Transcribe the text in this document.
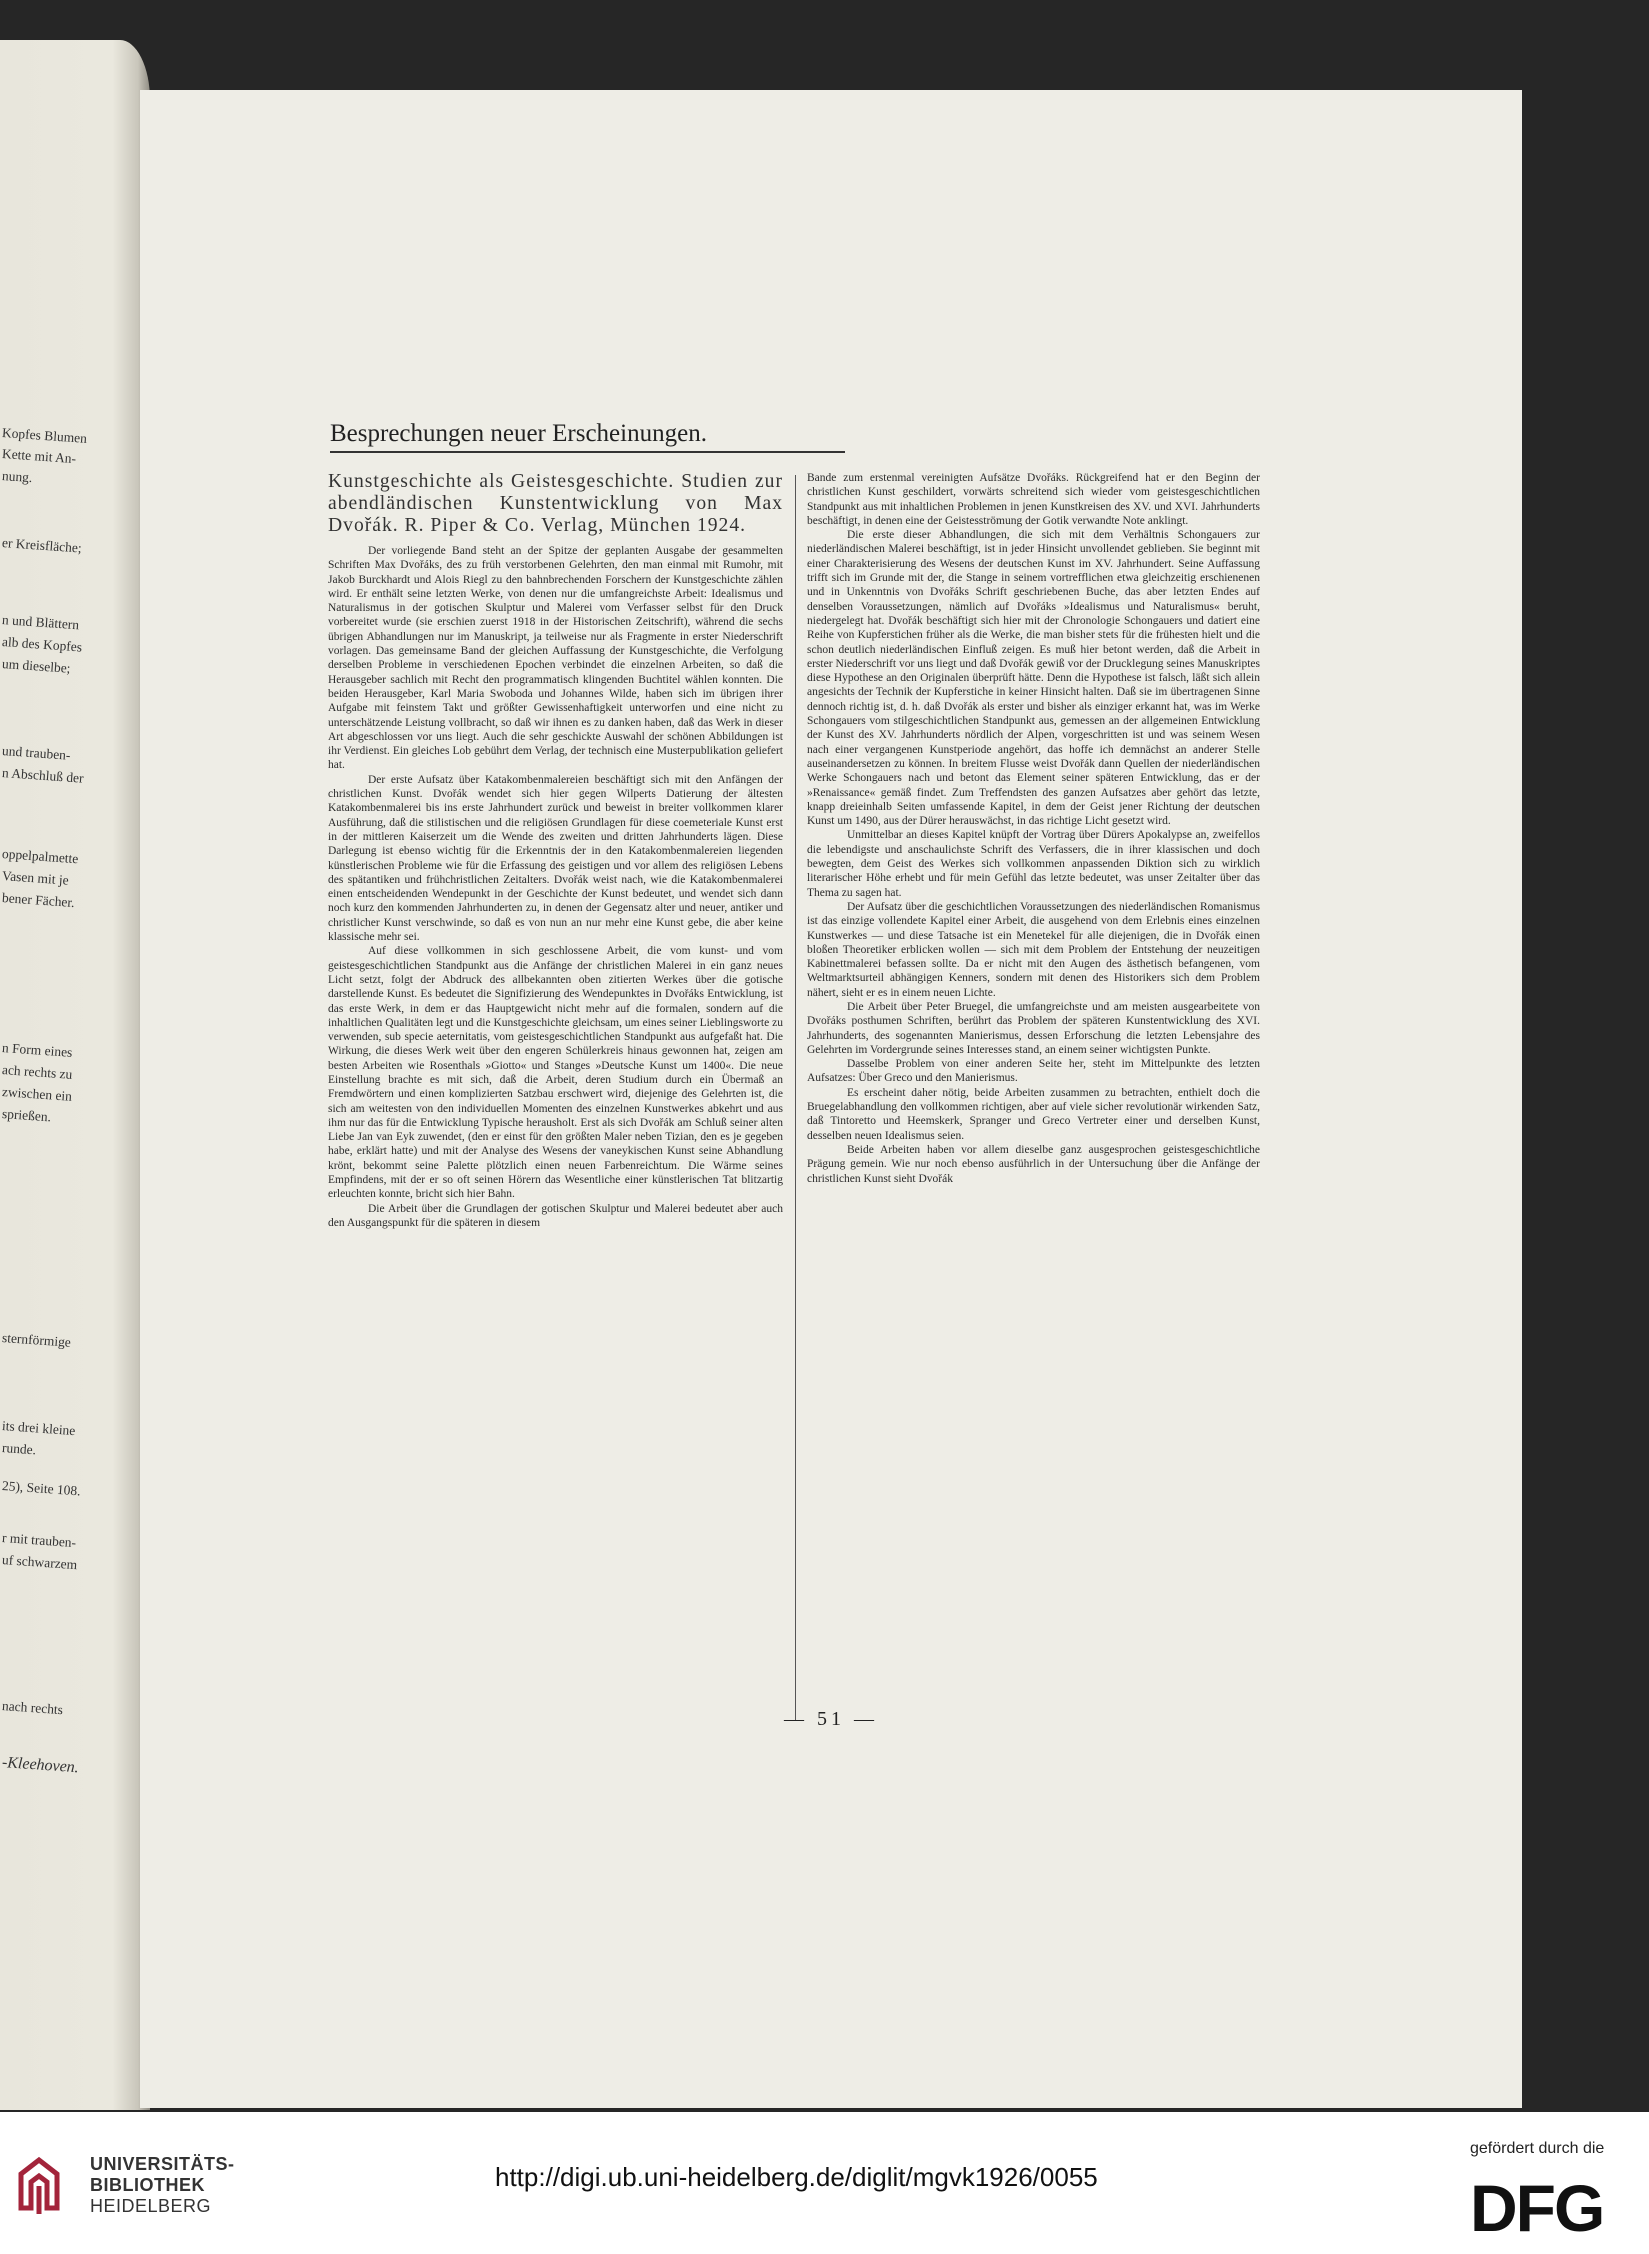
Kopfes Blumen
Kette mit An-
nung.
er Kreisfläche;
n und Blättern
alb des Kopfes
um dieselbe;
und trauben-
n Abschluß der
oppelpalmette
Vasen mit je
bener Fächer.
n Form eines
ach rechts zu
zwischen ein
sprießen.
sternförmige
its drei kleine
runde.
25), Seite 108.
r mit trauben-
uf schwarzem
nach rechts
-Kleehoven.
Besprechungen neuer Erscheinungen.

Kunstgeschichte als Geistesgeschichte. Studien zur abendländischen Kunstentwicklung von Max Dvořák. R. Piper & Co. Verlag, München 1924.

Der vorliegende Band steht an der Spitze der geplanten Ausgabe der gesammelten Schriften Max Dvořáks, des zu früh verstorbenen Gelehrten, den man einmal mit Rumohr, mit Jakob Burckhardt und Alois Riegl zu den bahnbrechenden Forschern der Kunstgeschichte zählen wird. Er enthält seine letzten Werke, von denen nur die umfangreichste Arbeit: Idealismus und Naturalismus in der gotischen Skulptur und Malerei vom Verfasser selbst für den Druck vorbereitet wurde (sie erschien zuerst 1918 in der Historischen Zeitschrift), während die sechs übrigen Abhandlungen nur im Manuskript, ja teilweise nur als Fragmente in erster Niederschrift vorlagen. Das gemeinsame Band der gleichen Auffassung der Kunstgeschichte, die Verfolgung derselben Probleme in verschiedenen Epochen verbindet die einzelnen Arbeiten, so daß die Herausgeber sachlich mit Recht den programmatisch klingenden Buchtitel wählen konnten. Die beiden Herausgeber, Karl Maria Swoboda und Johannes Wilde, haben sich im übrigen ihrer Aufgabe mit feinstem Takt und größter Gewissenhaftigkeit unterworfen und eine nicht zu unterschätzende Leistung vollbracht, so daß wir ihnen es zu danken haben, daß das Werk in dieser Art abgeschlossen vor uns liegt. Auch die sehr geschickte Auswahl der schönen Abbildungen ist ihr Verdienst. Ein gleiches Lob gebührt dem Verlag, der technisch eine Musterpublikation geliefert hat.

Der erste Aufsatz über Katakombenmalereien beschäftigt sich mit den Anfängen der christlichen Kunst. Dvořák wendet sich hier gegen Wilperts Datierung der ältesten Katakombenmalerei bis ins erste Jahrhundert zurück und beweist in breiter vollkommen klarer Ausführung, daß die stilistischen und die religiösen Grundlagen für diese coemeteriale Kunst erst in der mittleren Kaiserzeit um die Wende des zweiten und dritten Jahrhunderts lägen. Diese Darlegung ist ebenso wichtig für die Erkenntnis der in den Katakombenmalereien liegenden künstlerischen Probleme wie für die Erfassung des geistigen und vor allem des religiösen Lebens des spätantiken und frühchristlichen Zeitalters. Dvořák weist nach, wie die Katakombenmalerei einen entscheidenden Wendepunkt in der Geschichte der Kunst bedeutet, und wendet sich dann noch kurz den kommenden Jahrhunderten zu, in denen der Gegensatz alter und neuer, antiker und christlicher Kunst verschwinde, so daß es von nun an nur mehr eine Kunst gebe, die aber keine klassische mehr sei.

Auf diese vollkommen in sich geschlossene Arbeit, die vom kunst- und vom geistesgeschichtlichen Standpunkt aus die Anfänge der christlichen Malerei in ein ganz neues Licht setzt, folgt der Abdruck des allbekannten oben zitierten Werkes über die gotische darstellende Kunst. Es bedeutet die Signifizierung des Wendepunktes in Dvořáks Entwicklung, ist das erste Werk, in dem er das Hauptgewicht nicht mehr auf die formalen, sondern auf die inhaltlichen Qualitäten legt und die Kunstgeschichte gleichsam, um eines seiner Lieblingsworte zu verwenden, sub specie aeternitatis, vom geistesgeschichtlichen Standpunkt aus aufgefaßt hat. Die Wirkung, die dieses Werk weit über den engeren Schülerkreis hinaus gewonnen hat, zeigen am besten Arbeiten wie Rosenthals »Giotto« und Stanges »Deutsche Kunst um 1400«. Die neue Einstellung brachte es mit sich, daß die Arbeit, deren Studium durch ein Übermaß an Fremdwörtern und einen komplizierten Satzbau erschwert wird, diejenige des Gelehrten ist, die sich am weitesten von den individuellen Momenten des einzelnen Kunstwerkes abkehrt und aus ihm nur das für die Entwicklung Typische herausholt. Erst als sich Dvořák am Schluß seiner alten Liebe Jan van Eyk zuwendet, (den er einst für den größten Maler neben Tizian, den es je gegeben habe, erklärt hatte) und mit der Analyse des Wesens der vaneykischen Kunst seine Abhandlung krönt, bekommt seine Palette plötzlich einen neuen Farbenreichtum. Die Wärme seines Empfindens, mit der er so oft seinen Hörern das Wesentliche einer künstlerischen Tat blitzartig erleuchten konnte, bricht sich hier Bahn.

Die Arbeit über die Grundlagen der gotischen Skulptur und Malerei bedeutet aber auch den Ausgangspunkt für die späteren in diesem

Bande zum erstenmal vereinigten Aufsätze Dvořáks. Rückgreifend hat er den Beginn der christlichen Kunst geschildert, vorwärts schreitend sich wieder vom geistesgeschichtlichen Standpunkt aus mit inhaltlichen Problemen in jenen Kunstkreisen des XV. und XVI. Jahrhunderts beschäftigt, in denen eine der Geistesströmung der Gotik verwandte Note anklingt.

Die erste dieser Abhandlungen, die sich mit dem Verhältnis Schongauers zur niederländischen Malerei beschäftigt, ist in jeder Hinsicht unvollendet geblieben. Sie beginnt mit einer Charakterisierung des Wesens der deutschen Kunst im XV. Jahrhundert. Seine Auffassung trifft sich im Grunde mit der, die Stange in seinem vortrefflichen etwa gleichzeitig erschienenen und in Unkenntnis von Dvořáks Schrift geschriebenen Buche, das aber letzten Endes auf denselben Voraussetzungen, nämlich auf Dvořáks »Idealismus und Naturalismus« beruht, niedergelegt hat. Dvořák beschäftigt sich hier mit der Chronologie Schongauers und datiert eine Reihe von Kupferstichen früher als die Werke, die man bisher stets für die frühesten hielt und die schon deutlich niederländischen Einfluß zeigen. Es muß hier betont werden, daß die Arbeit in erster Niederschrift vor uns liegt und daß Dvořák gewiß vor der Drucklegung seines Manuskriptes diese Hypothese an den Originalen überprüft hätte. Denn die Hypothese ist falsch, läßt sich allein angesichts der Technik der Kupferstiche in keiner Hinsicht halten. Daß sie im übertragenen Sinne dennoch richtig ist, d. h. daß Dvořák als erster und bisher als einziger erkannt hat, was im Werke Schongauers vom stilgeschichtlichen Standpunkt aus, gemessen an der allgemeinen Entwicklung der Kunst des XV. Jahrhunderts nördlich der Alpen, vorgeschritten ist und was seinem Wesen nach einer vergangenen Kunstperiode angehört, das hoffe ich demnächst an anderer Stelle auseinandersetzen zu können. In breitem Flusse weist Dvořák dann Quellen der niederländischen Werke Schongauers nach und betont das Element seiner späteren Entwicklung, das er der »Renaissance« gemäß findet. Zum Treffendsten des ganzen Aufsatzes aber gehört das letzte, knapp dreieinhalb Seiten umfassende Kapitel, in dem der Geist jener Richtung der deutschen Kunst um 1490, aus der Dürer herauswächst, in das richtige Licht gesetzt wird.

Unmittelbar an dieses Kapitel knüpft der Vortrag über Dürers Apokalypse an, zweifellos die lebendigste und anschaulichste Schrift des Verfassers, die in ihrer klassischen und doch bewegten, dem Geist des Werkes sich vollkommen anpassenden Diktion sich zu wirklich literarischer Höhe erhebt und für mein Gefühl das letzte bedeutet, was unser Zeitalter über das Thema zu sagen hat.

Der Aufsatz über die geschichtlichen Voraussetzungen des niederländischen Romanismus ist das einzige vollendete Kapitel einer Arbeit, die ausgehend von dem Erlebnis eines einzelnen Kunstwerkes — und diese Tatsache ist ein Menetekel für alle diejenigen, die in Dvořák einen bloßen Theoretiker erblicken wollen — sich mit dem Problem der Entstehung der neuzeitigen Kabinettmalerei befassen sollte. Da er nicht mit den Augen des ästhetisch befangenen, vom Weltmarktsurteil abhängigen Kenners, sondern mit denen des Historikers sich dem Problem nähert, sieht er es in einem neuen Lichte.

Die Arbeit über Peter Bruegel, die umfangreichste und am meisten ausgearbeitete von Dvořáks posthumen Schriften, berührt das Problem der späteren Kunstentwicklung des XVI. Jahrhunderts, des sogenannten Manierismus, dessen Erforschung die letzten Lebensjahre des Gelehrten im Vordergrunde seines Interesses stand, an einem seiner wichtigsten Punkte.

Dasselbe Problem von einer anderen Seite her, steht im Mittelpunkte des letzten Aufsatzes: Über Greco und den Manierismus.

Es erscheint daher nötig, beide Arbeiten zusammen zu betrachten, enthielt doch die Bruegelabhandlung den vollkommen richtigen, aber auf viele sicher revolutionär wirkenden Satz, daß Tintoretto und Heemskerk, Spranger und Greco Vertreter einer und derselben Kunst, desselben neuen Idealismus seien.

Beide Arbeiten haben vor allem dieselbe ganz ausgesprochen geistesgeschichtliche Prägung gemein. Wie nur noch ebenso ausführlich in der Untersuchung über die Anfänge der christlichen Kunst sieht Dvořák

— 51 —
UNIVERSITÄTS-
BIBLIOTHEK
HEIDELBERG
http://digi.ub.uni-heidelberg.de/diglit/mgvk1926/0055
gefördert durch die
DFG
